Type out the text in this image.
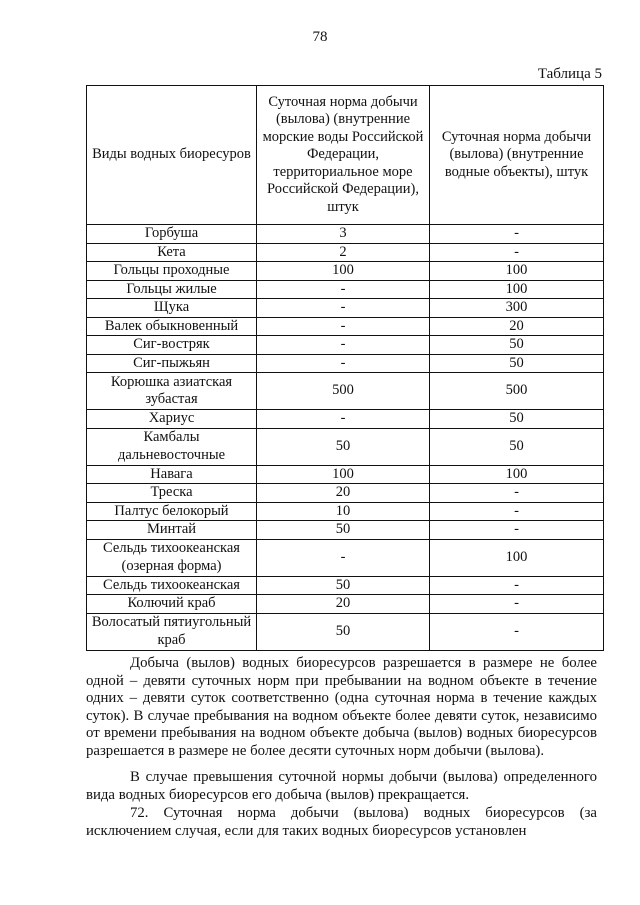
78
Таблица 5
Виды водных биоресуров	Суточная норма добычи (вылова) (внутренние морские воды Российской Федерации, территориальное море Российской Федерации), штук	Суточная норма добычи (вылова) (внутренние водные объекты), штук
Горбуша	3	-
Кета	2	-
Гольцы проходные	100	100
Гольцы жилые	-	100
Щука	-	300
Валек обыкновенный	-	20
Сиг-востряк	-	50
Сиг-пыжьян	-	50
Корюшка азиатская зубастая	500	500
Хариус	-	50
Камбалы дальневосточные	50	50
Навага	100	100
Треска	20	-
Палтус белокорый	10	-
Минтай	50	-
Сельдь тихоокеанская (озерная форма)	-	100
Сельдь тихоокеанская	50	-
Колючий краб	20	-
Волосатый пятиугольный краб	50	-

Добыча (вылов) водных биоресурсов разрешается в размере не более одной – девяти суточных норм при пребывании на водном объекте в течение одних – девяти суток соответственно (одна суточная норма в течение каждых суток). В случае пребывания на водном объекте более девяти суток, независимо от времени пребывания на водном объекте добыча (вылов) водных биоресурсов разрешается в размере не более десяти суточных норм добычи (вылова).

В случае превышения суточной нормы добычи (вылова) определенного вида водных биоресурсов его добыча (вылов) прекращается.

72. Суточная норма добычи (вылова) водных биоресурсов (за исключением случая, если для таких водных биоресурсов установлен
